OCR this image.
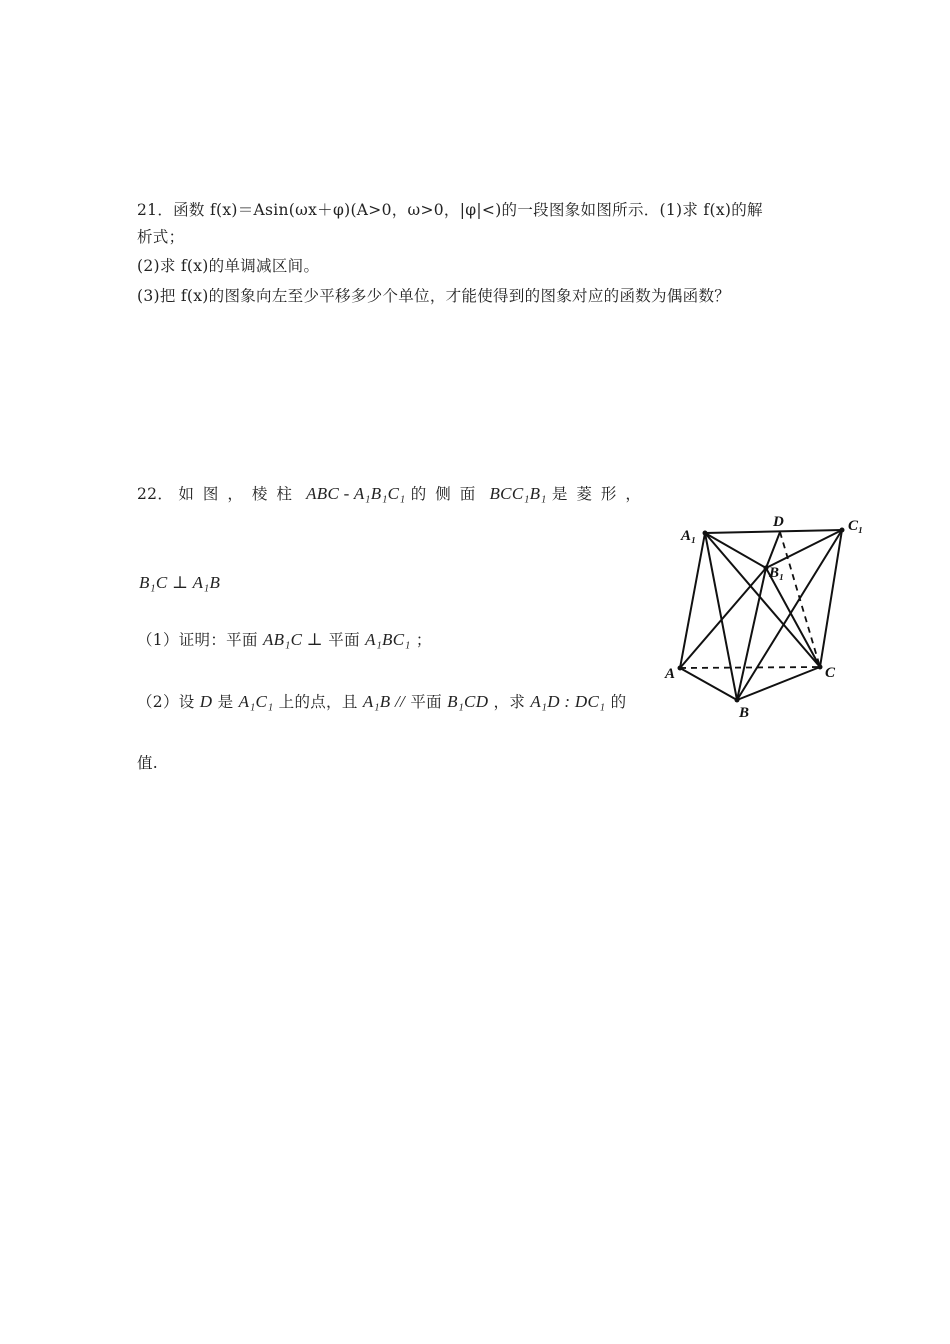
21．函数 f(x)＝Asin(ωx＋φ)(A>0，ω>0，|φ|<)的一段图象如图所示．(1)求 f(x)的解
析式；
(2)求 f(x)的单调减区间。
(3)把 f(x)的图象向左至少平移多少个单位，才能使得到的图象对应的函数为偶函数？
22． 如图，棱柱 ABC - A₁B₁C₁ 的侧面 BCC₁B₁ 是菱形，
B₁C ⊥ A₁B
（1）证明：平面 AB₁C ⊥ 平面 A₁BC₁ ；
（2）设 D 是 A₁C₁ 上的点，且 A₁B // 平面 B₁CD ，求 A₁D : DC₁ 的
值.
A₁
D	C₁
B₁
A	C
B
